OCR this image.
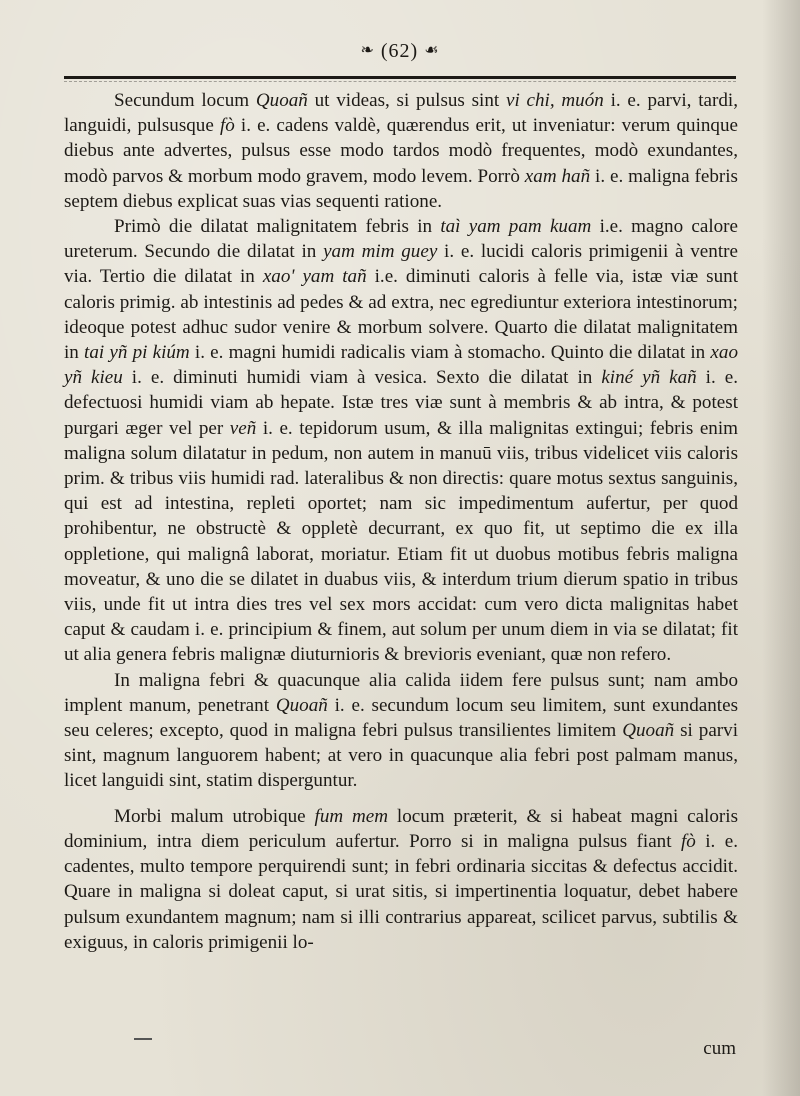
❧ (62) ☙

Secundum locum Quoañ ut videas, si pulsus sint vi chi, muón i. e. parvi, tardi, languidi, pulsusque fò i. e. cadens valdè, quærendus erit, ut inveniatur: verum quinque diebus ante advertes, pulsus esse modo tardos modò frequentes, modò exundantes, modò parvos & morbum modo gravem, modo levem. Porrò xam hañ i. e. maligna febris septem diebus explicat suas vias sequenti ratione.

Primò die dilatat malignitatem febris in taì yam pam kuam i.e. magno calore ureterum. Secundo die dilatat in yam mim guey i. e. lucidi caloris primigenii à ventre via. Tertio die dilatat in xao' yam tañ i.e. diminuti caloris à felle via, istæ viæ sunt caloris primig. ab intestinis ad pedes & ad extra, nec egrediuntur exteriora intestinorum; ideoque potest adhuc sudor venire & morbum solvere. Quarto die dilatat malignitatem in tai yñ pi kiúm i. e. magni humidi radicalis viam à stomacho. Quinto die dilatat in xao yñ kieu i. e. diminuti humidi viam à vesica. Sexto die dilatat in kiné yñ kañ i. e. defectuosi humidi viam ab hepate. Istæ tres viæ sunt à membris & ab intra, & potest purgari æger vel per veñ i. e. tepidorum usum, & illa malignitas extingui; febris enim maligna solum dilatatur in pedum, non autem in manuū viis, tribus videlicet viis caloris prim. & tribus viis humidi rad. lateralibus & non directis: quare motus sextus sanguinis, qui est ad intestina, repleti oportet; nam sic impedimentum aufertur, per quod prohibentur, ne obstructè & oppletè decurrant, ex quo fit, ut septimo die ex illa oppletione, qui malignâ laborat, moriatur. Etiam fit ut duobus motibus febris maligna moveatur, & uno die se dilatet in duabus viis, & interdum trium dierum spatio in tribus viis, unde fit ut intra dies tres vel sex mors accidat: cum vero dicta malignitas habet caput & caudam i. e. principium & finem, aut solum per unum diem in via se dilatat; fit ut alia genera febris malignæ diuturnioris & brevioris eveniant, quæ non refero.

In maligna febri & quacunque alia calida iidem fere pulsus sunt; nam ambo implent manum, penetrant Quoañ i. e. secundum locum seu limitem, sunt exundantes seu celeres; excepto, quod in maligna febri pulsus transilientes limitem Quoañ si parvi sint, magnum languorem habent; at vero in quacunque alia febri post palmam manus, licet languidi sint, statim disperguntur.

Morbi malum utrobique fum mem locum præterit, & si habeat magni caloris dominium, intra diem periculum aufertur. Porro si in maligna pulsus fiant fò i. e. cadentes, multo tempore perquirendi sunt; in febri ordinaria siccitas & defectus accidit. Quare in maligna si doleat caput, si urat sitis, si impertinentia loquatur, debet habere pulsum exundantem magnum; nam si illi contrarius appareat, scilicet parvus, subtilis & exiguus, in caloris primigenii lo-

cum
